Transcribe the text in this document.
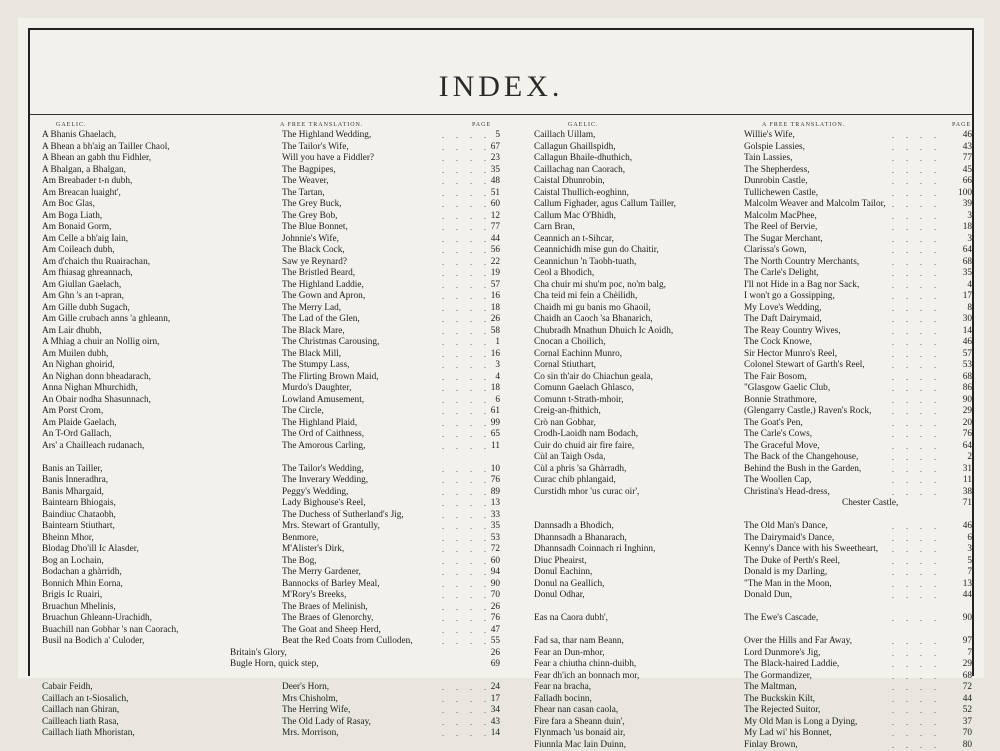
INDEX.
GAELIC.	A FREE TRANSLATION.	PAGE
A Bhanis Ghaelach,	The Highland Wedding,	. . . . 5
A Bhean a bh'aig an Tailler Chaol,	The Tailor's Wife,	. . . . 67
A Bhean an gabh thu Fidhler,	Will you have a Fiddler?	. . . . 23
A Bhalgan, a Bhalgan,	The Bagpipes,	. . . . 35
Am Breabader t-n dubh,	The Weaver,	. . . . 48
Am Breacan luaight',	The Tartan,	. . . . 51
Am Boc Glas,	The Grey Buck,	. . . . 60
Am Boga Liath,	The Grey Bob,	. . . . 12
Am Bonaid Gorm,	The Blue Bonnet,	. . . . 77
Am Celle a bh'aig Iain,	Johnnie's Wife,	. . . . 44
Am Coileach dubh,	The Black Cock,	. . . . 56
Am d'chaich thu Ruairachan,	Saw ye Reynard?	. . . . 22
Am fhiasag ghreannach,	The Bristled Beard,	. . . . 19
Am Giullan Gaelach,	The Highland Laddie,	. . . . 57
Am Ghn 's an t-apran,	The Gown and Apron,	. . . . 16
Am Gille dubh Sugach,	The Merry Lad,	. . . . 18
Am Gille crubach anns 'a ghleann,	The Lad of the Glen,	. . . . 26
Am Lair dhubh,	The Black Mare,	. . . . 58
A Mhiag a chuir an Nollig oirn,	The Christmas Carousing,	. . . . 1
Am Muilen dubh,	The Black Mill,	. . . . 16
An Nighan ghoirid,	The Stumpy Lass,	. . . . 3
An Nighan donn bheadarach,	The Flirting Brown Maid,	. . . . 4
Anna Nighan Mhurchidh,	Murdo's Daughter,	. . . . 18
An Obair nodha Shasunnach,	Lowland Amusement,	. . . . 6
Am Porst Crom,	The Circle,	. . . . 61
Am Plaide Gaelach,	The Highland Plaid,	. . . . 99
An T-Ord Gallach,	The Ord of Caithness,	. . . . 65
Ars' a Chailleach rudanach,	The Amorous Carling,	. . . . 11
Banis an Tailler,	The Tailor's Wedding,	. . . . 10
Banis Inneradhra,	The Inverary Wedding,	. . . . 76
Banis Mhargaid,	Peggy's Wedding,	. . . . 89
Baintearn Bhiogais,	Lady Bighouse's Reel,	. . . . 13
Baindiuc Chataobh,	The Duchess of Sutherland's Jig,	. . . . 33
Baintearn Stiuthart,	Mrs. Stewart of Grantully,	. . . . 35
Bheinn Mhor,	Benmore,	. . . . 53
Blodag Dho'ill Ic Alasder,	M'Alister's Dirk,	. . . . 72
Bog an Lochain,	The Bog,	. . . . 60
Bodachan a ghàrridh,	The Merry Gardener,	. . . . 94
Bonnich Mhin Eorna,	Bannocks of Barley Meal,	. . . . 90
Brigis Ic Ruairi,	M'Rory's Breeks,	. . . . 70
Bruachun Mhelinis,	The Braes of Melinish,	. . . . 26
Bruachun Ghleann-Urachidh,	The Braes of Glenorchy,	. . . . 76
Buachill nan Gobhar 's nan Caorach,	The Goat and Sheep Herd,	. . . . 47
Busil na Bodich a' Culoder,	Beat the Red Coats from Culloden,	. . . . 55
Britain's Glory,	26
Bugle Horn, quick step,	69
Cabair Feidh,	Deer's Horn,	. . . . 24
Caillach an t-Siosalich,	Mrs Chisholm,	. . . . 17
Caillach nan Ghiran,	The Herring Wife,	. . . . 34
Cailleach liath Rasa,	The Old Lady of Rasay,	. . . . 43
Caillach liath Mhoristan,	Mrs. Morrison,	. . . . 14
GAELIC.	A FREE TRANSLATION.	PAGE
Caillach Uillam,	Willie's Wife,	. . . .	46
Callagun Ghaillspidh,	Golspie Lassies,	. . . .	43
Callagun Bhaile-dhuthich,	Tain Lassies,	. . . .	77
Caillachag nan Caorach,	The Shepherdess,	. . . .	45
Caistal Dhunrobin,	Dunrobin Castle,	. . . .	66
Caistal Thullich-eoghinn,	Tullichewen Castle,	. . . .	100
Callum Fighader, agus Callum Tailler,	Malcolm Weaver and Malcolm Tailor, . . . .	39
Callum Mac O'Bhidh,	Malcolm MacPhee,	. . . .	3
Carn Bran,	The Reel of Bervie,	. . . .	18
Ceannich an t-Sihcar,	The Sugar Merchant,	. . . .	3
Ceannichidh mise gun do Chaitir,	Clarissa's Gown,	. . . .	64
Ceannichun 'n Taobh-tuath,	The North Country Merchants,	. . . .	68
Ceol a Bhodich,	The Carle's Delight,	. . . .	35
Cha chuir mi shu'm poc, no'm balg,	I'll not Hide in a Bag nor Sack,	. . . .	4
Cha teid mi fein a Chèilidh,	I won't go a Gossipping,	. . . .	17
Chaidh mi gu banis mo Ghaoil,	My Love's Wedding,	. . . .	8
Chaidh an Caoch 'sa Bhanarich,	The Daft Dairymaid,	. . . .	30
Chubradh Mnathun Dhuich Ic Aoidh,	The Reay Country Wives,	. . . .	14
Cnocan a Choilich,	The Cock Knowe,	. . . .	46
Cornal Eachinn Munro,	Sir Hector Munro's Reel,	. . . .	57
Cornal Stiuthart,	Colonel Stewart of Garth's Reel,	. . . .	53
Co sin th'air do Chiachun geala,	The Fair Bosom,	. . . .	68
Comunn Gaelach Ghlasco,	"Glasgow Gaelic Club,	. . . .	86
Comunn t-Strath-mhoir,	Bonnie Strathmore,	. . . .	90
Creig-an-fhithich,	(Glengarry Castle,) Raven's Rock,	. . . .	29
Crò nan Gobhar,	The Goat's Pen,	. . . .	20
Crodh-Laoidh nam Bodach,	The Carle's Cows,	. . . .	76
Cuir do chuid air fire faire,	The Graceful Move,	. . . .	64
Cùl an Taigh Osda,	The Back of the Changehouse,	. . . .	2
Cùl a phris 'sa Ghàrradh,	Behind the Bush in the Garden,	. . . .	31
Curac chib phlangaid,	The Woollen Cap,	. . . .	11
Curstidh mhor 'us curac oir',	Christina's Head-dress,	. . . .	38
Chester Castle,	71
Dannsadh a Bhodich,	The Old Man's Dance,	. . . .	46
Dhannsadh a Bhanarach,	The Dairymaid's Dance,	. . . .	6
Dhannsadh Coinnach ri Inghinn,	Kenny's Dance with his Sweetheart, . . . .	3
Diuc Pheairst,	The Duke of Perth's Reel,	. . . .	5
Donul Eachinn,	Donald is my Darling,	. . . .	7
Donul na Geallich,	"The Man in the Moon,	. . . .	13
Donul Odhar,	Donald Dun,	. . . .	44
Eas na Caora dubh',	The Ewe's Cascade,	. . . .	90
Fad sa, thar nam Beann,	Over the Hills and Far Away,	. . . .	97
Fear an Dun-mhor,	Lord Dunmore's Jig,	. . . .	7
Fear a chiutha chinn-duibh,	The Black-haired Laddie,	. . . .	29
Fear dh'ich an bonnach mor,	The Gormandizer,	. . . .	68
Fear na bracha,	The Maltman,	. . . .	72
Falladh bocinn,	The Buckskin Kilt,	. . . .	44
Fhear nan casan caola,	The Rejected Suitor,	. . . .	52
Fire fara a Sheann duin',	My Old Man is Long a Dying,	. . . .	37
Flynmach 'us bonaid air,	My Lad wi' his Bonnet,	. . . .	70
Fiunnla Mac Iain Duinn,	Finlay Brown,	. . . .	80
